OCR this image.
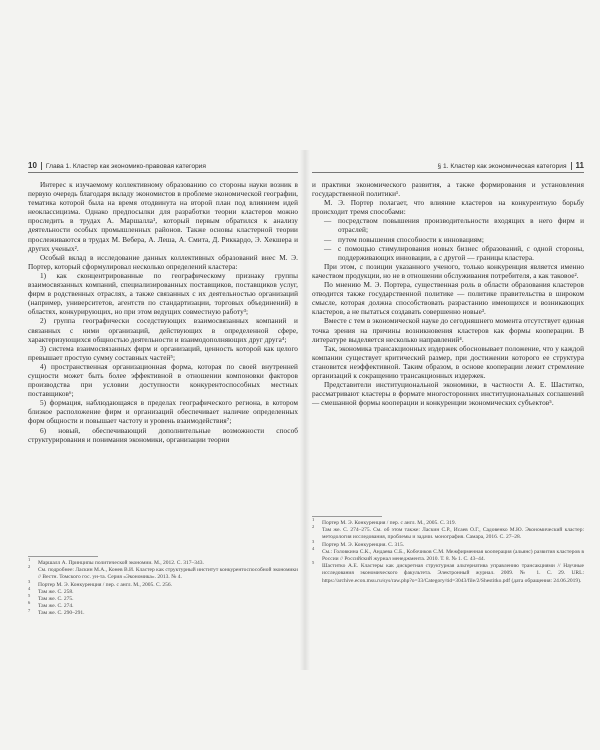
10 Глава 1. Кластер как экономико-правовая категория	§ 1. Кластер как экономическая категория 11

Интерес к изучаемому коллективному образованию со стороны науки возник в первую очередь благодаря вкладу экономистов в проблеме экономической географии, тематика которой была на время отодвинута на второй план под влиянием идей неоклассицизма. Однако предпосылки для разработки теории кластеров можно проследить в трудах А. Маршалла¹, который первым обратился к анализу деятельности особых промышленных районов. Также основы кластерной теории прослеживаются в трудах М. Вебера, А. Леша, А. Смита, Д. Риккардо, Э. Хекшера и других ученых².

Особый вклад в исследование данных коллективных образований внес М. Э. Портер, который сформулировал несколько определений кластера:

1) как сконцентрированные по географическому признаку группы взаимосвязанных компаний, специализированных поставщиков, поставщиков услуг, фирм в родственных отраслях, а также связанных с их деятельностью организаций (например, университетов, агентств по стандартизации, торговых объединений) в областях, конкурирующих, но при этом ведущих совместную работу³;

2) группа географически соседствующих взаимосвязанных компаний и связанных с ними организаций, действующих в определенной сфере, характеризующихся общностью деятельности и взаимодополняющих друг друга⁴;

3) система взаимосвязанных фирм и организаций, ценность которой как целого превышает простую сумму составных частей⁵;

4) пространственная организационная форма, которая по своей внутренней сущности может быть более эффективной в отношении компоновки факторов производства при условии доступности конкурентоспособных местных поставщиков⁶;

5) формация, наблюдающаяся в пределах географического региона, в котором близкое расположение фирм и организаций обеспечивает наличие определенных форм общности и повышает частоту и уровень взаимодействия⁷;

6) новый, обеспечивающий дополнительные возможности способ структурирования и понимания экономики, организации теории

1Маршалл А. Принципы политической экономии. М., 2012. С. 317–343.

2См. подробнее: Ласкин М.А., Конев В.И. Кластер как структурный институт конкурентоспособной экономики // Вестн. Томского гос. ун-та. Серия «Экономика». 2013. № 4.

3Портер М. Э. Конкуренция / пер. с англ. М., 2005. С. 256.

4Там же. С. 258.

5Там же. С. 275.

6Там же. С. 274.

7Там же. С. 290–291.

и практики экономического развития, а также формирования и установления государственной политики¹.

М. Э. Портер полагает, что влияние кластеров на конкурентную борьбу происходит тремя способами:

— посредством повышения производительности входящих в него фирм и отраслей;

— путем повышения способности к инновациям;

— с помощью стимулирования новых бизнес образований, с одной стороны, поддерживающих инновации, а с другой — границы кластера.

При этом, с позиции указанного ученого, только конкуренция является именно качеством продукции, но не в отношении обслуживания потребителя, а как таковое².

По мнению М. Э. Портера, существенная роль в области образования кластеров отводится также государственной политике — политике правительства в широком смысле, которая должна способствовать разрастанию имеющихся и возникающих кластеров, а не пытаться создавать совершенно новые³.

Вместе с тем в экономической науке до сегодняшнего момента отсутствует единая точка зрения на причины возникновения кластеров как формы кооперации. В литературе выделяется несколько направлений⁴.

Так, экономика трансакционных издержек обосновывает положение, что у каждой компании существует критический размер, при достижении которого ее структура становится неэффективной. Таким образом, в основе кооперации лежит стремление организаций к сокращению трансакционных издержек.

Представители институциональной экономики, в частности А. Е. Шаститко, рассматривают кластеры в формате многосторонних институциональных соглашений — смешанной формы кооперации и конкуренции экономических субъектов⁵.

1Портер М. Э. Конкуренция / пер. с англ. М., 2005. С. 319.

2Там же. С. 274–275. См. об этом также: Ласкин С.Р., Исаев О.Г., Садовенко М.Ю. Экономический кластер: методология исследования, проблемы и задачи. монография. Самара, 2016. С. 27–28.

3Портер М. Э. Конкуренция. С. 315.

4См.: Головкина С.К., Андаева С.Б., Кобочиков С.М. Межфирменная кооперация (альянс) развития кластеров в России // Российский журнал менеджмента. 2010. Т. 8. № 1. С. 43–44.

5Шаститко А.Е. Кластеры как дискретная структурная альтернатива управлению трансакциями // Научные исследования экономического факультета. Электронный журнал. 2009. № 1. С. 29. URL: https://archive.econ.msu.ru/sys/raw.php?o=33/Category/tid=3043/file/2/Shestitko.pdf (дата обращения: 24.06.2019).
